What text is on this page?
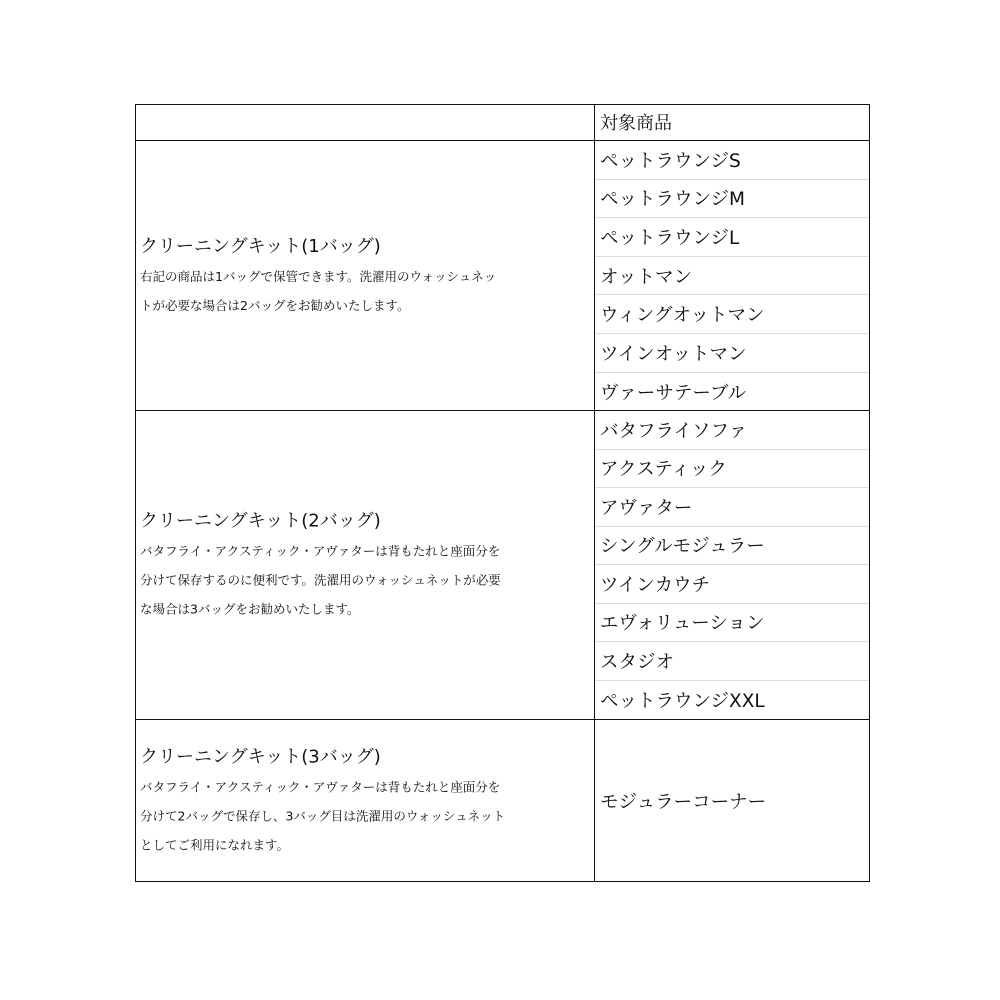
対象商品
クリーニングキット(1バッグ)
右記の商品は1バッグで保管できます。洗濯用のウォッシュネッ
トが必要な場合は2バッグをお勧めいたします。
ペットラウンジS
ペットラウンジM
ペットラウンジL
オットマン
ウィングオットマン
ツインオットマン
ヴァーサテーブル
クリーニングキット(2バッグ)
バタフライ・アクスティック・アヴァターは背もたれと座面分を
分けて保存するのに便利です。洗濯用のウォッシュネットが必要
な場合は3バッグをお勧めいたします。
バタフライソファ
アクスティック
アヴァター
シングルモジュラー
ツインカウチ
エヴォリューション
スタジオ
ペットラウンジXXL
クリーニングキット(3バッグ)
バタフライ・アクスティック・アヴァターは背もたれと座面分を
分けて2バッグで保存し、3バッグ目は洗濯用のウォッシュネット
としてご利用になれます。
モジュラーコーナー
